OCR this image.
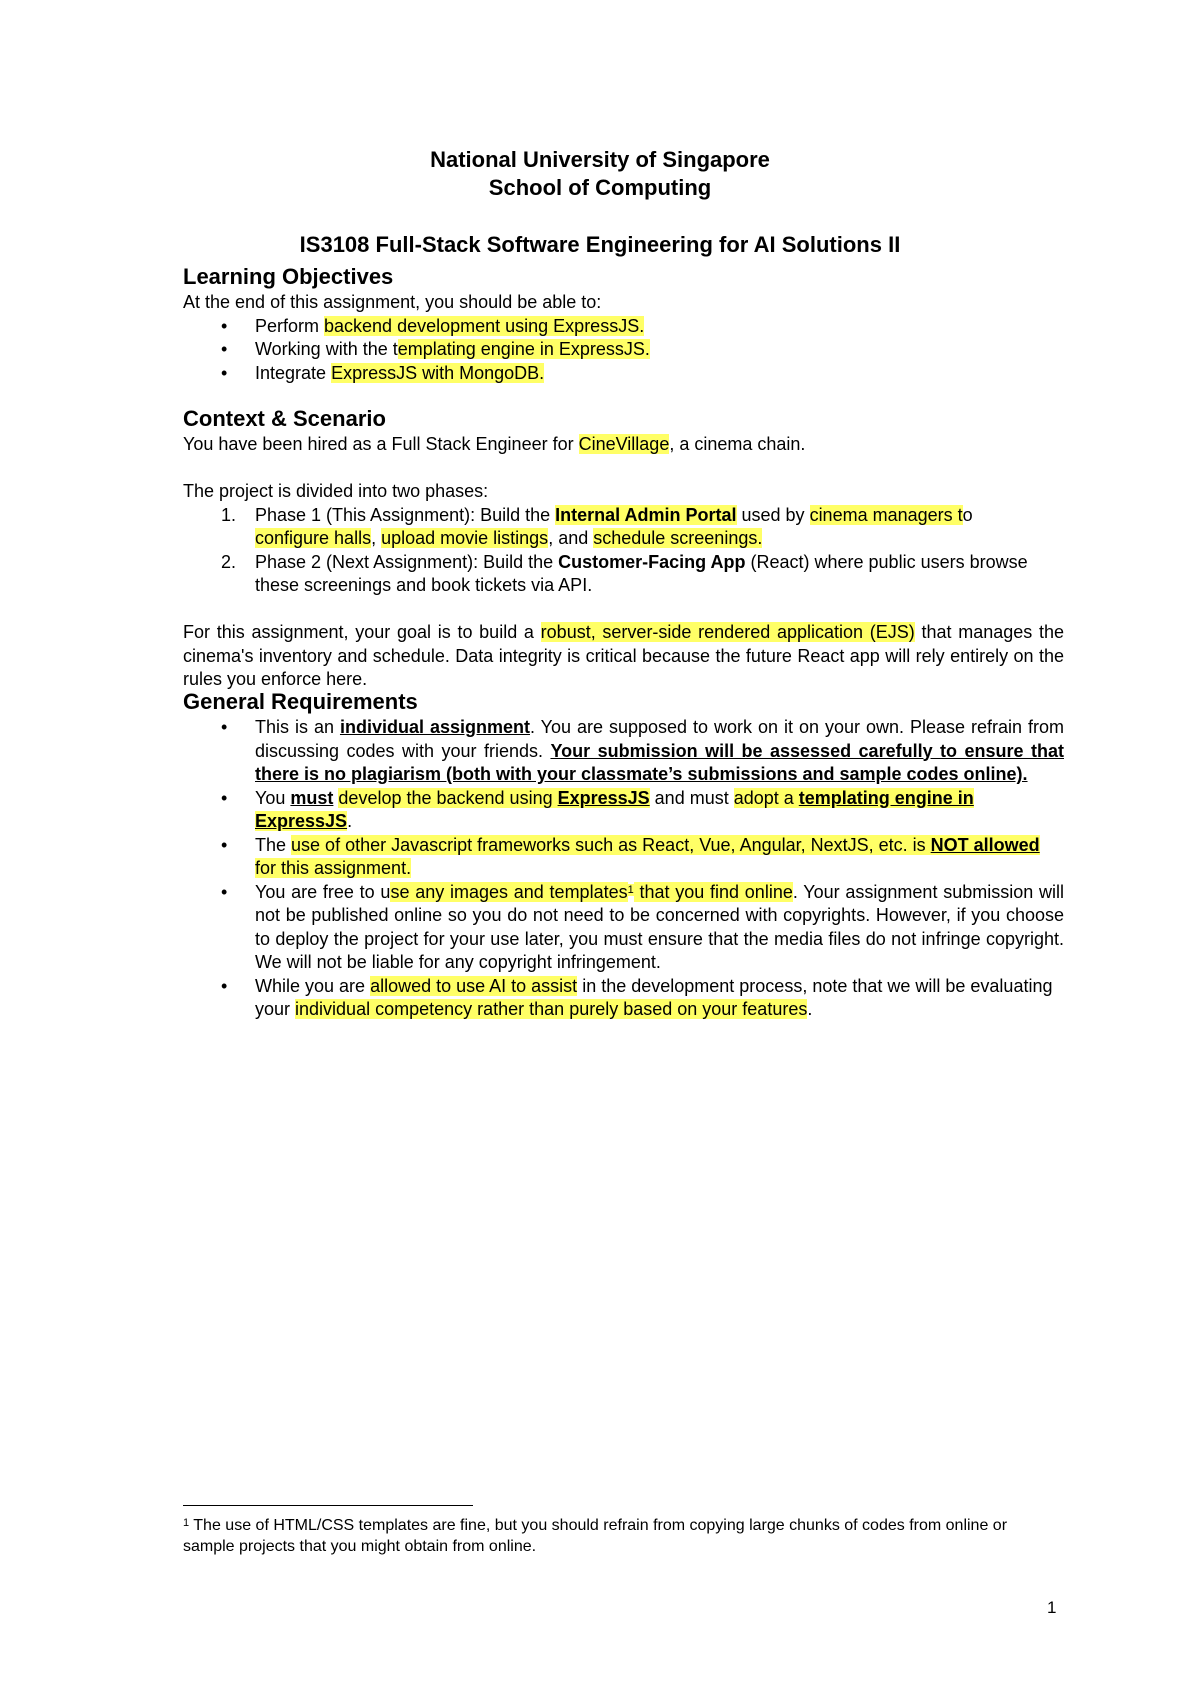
National University of Singapore
School of Computing
IS3108 Full-Stack Software Engineering for AI Solutions II
Learning Objectives
At the end of this assignment, you should be able to:
• Perform backend development using ExpressJS.
• Working with the templating engine in ExpressJS.
• Integrate ExpressJS with MongoDB.
Context & Scenario
You have been hired as a Full Stack Engineer for CineVillage, a cinema chain.
The project is divided into two phases:
1. Phase 1 (This Assignment): Build the Internal Admin Portal used by cinema managers to
configure halls, upload movie listings, and schedule screenings.
2. Phase 2 (Next Assignment): Build the Customer-Facing App (React) where public users browse these screenings and book tickets via API.
For this assignment, your goal is to build a robust, server-side rendered application (EJS) that manages the cinema's inventory and schedule. Data integrity is critical because the future React app will rely entirely on the rules you enforce here.
General Requirements
• This is an individual assignment. You are supposed to work on it on your own. Please refrain from discussing codes with your friends. Your submission will be assessed carefully to ensure that there is no plagiarism (both with your classmate’s submissions and sample codes online).
• You must develop the backend using ExpressJS and must adopt a templating engine in ExpressJS.
• The use of other Javascript frameworks such as React, Vue, Angular, NextJS, etc. is NOT allowed for this assignment.
• You are free to use any images and templates$^1$ that you find online. Your assignment submission will not be published online so you do not need to be concerned with copyrights. However, if you choose to deploy the project for your use later, you must ensure that the media files do not infringe copyright. We will not be liable for any copyright infringement.
• While you are allowed to use AI to assist in the development process, note that we will be evaluating your individual competency rather than purely based on your features.
$^1$ The use of HTML/CSS templates are fine, but you should refrain from copying large chunks of codes from online or sample projects that you might obtain from online.
1
